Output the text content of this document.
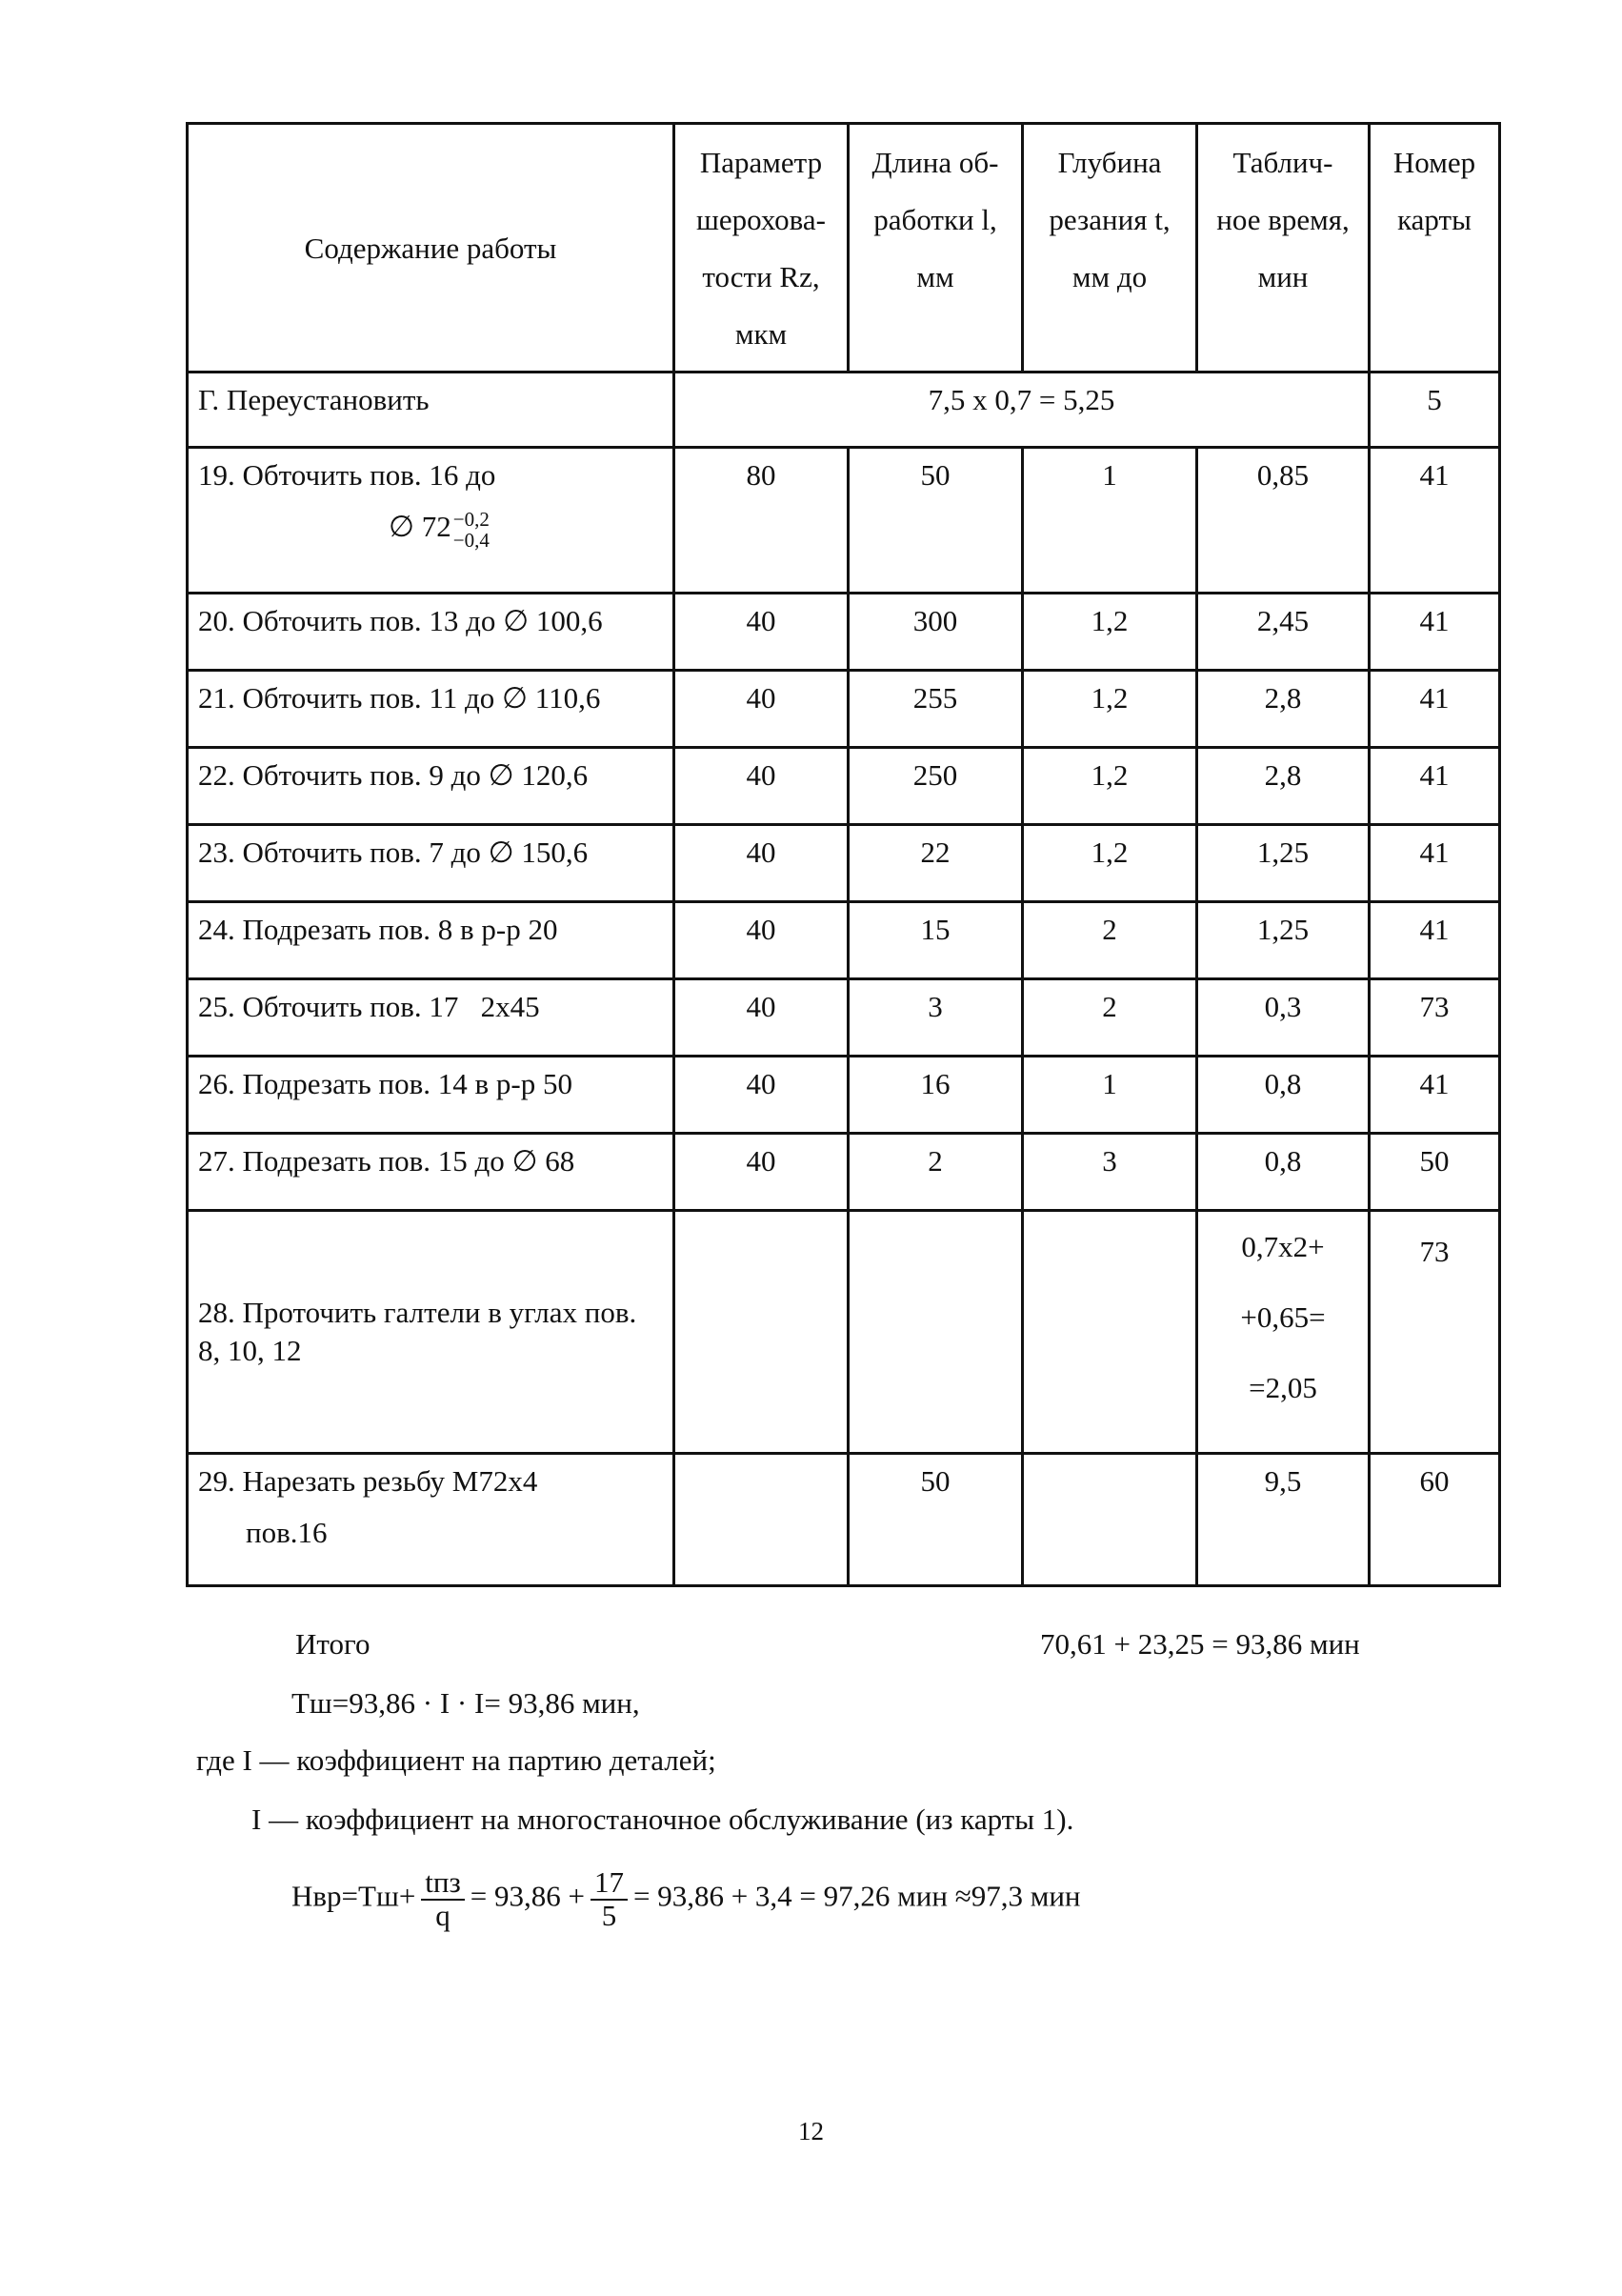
Содержание работы	Параметр
шерохова-
тости Rz,
мкм	Длина об-
работки l,
мм	Глубина
резания t,
мм до	Таблич-
ное время,
мин	Номер
карты

Г. Переустановить	7,5 х 0,7 = 5,25				5

19. Обточить пов. 16 до
∅ 72 −0,2
−0,4	80	50	1	0,85	41
20. Обточить пов. 13 до ∅ 100,6	40	300	1,2	2,45	41
21. Обточить пов. 11 до ∅ 110,6	40	255	1,2	2,8	41
22. Обточить пов. 9 до ∅ 120,6	40	250	1,2	2,8	41
23. Обточить пов. 7 до ∅ 150,6	40	22	1,2	1,25	41
24. Подрезать пов. 8 в р-р 20	40	15	2	1,25	41
25. Обточить пов. 17   2х45	40	3	2	0,3	73
26. Подрезать пов. 14 в р-р 50	40	16	1	0,8	41
27. Подрезать пов. 15 до ∅ 68	40	2	3	0,8	50
28. Проточить галтели в углах пов. 8, 10, 12				0,7х2+
+0,65=
=2,05	73

29. Нарезать резьбу М72х4
пов.16		50		9,5	60
Итого	70,61 + 23,25 = 93,86 мин
Тш=93,86 · I · I= 93,86 мин,
где I — коэффициент на партию деталей;
I — коэффициент на многостаночное обслуживание (из карты 1).
$Нвр=Тш+ \frac{\text{tпз}}{q} = 93,86 + \frac{17}{5} = 93,86 + 3,4 = 97,26$ мин ≈97,3 мин
12
